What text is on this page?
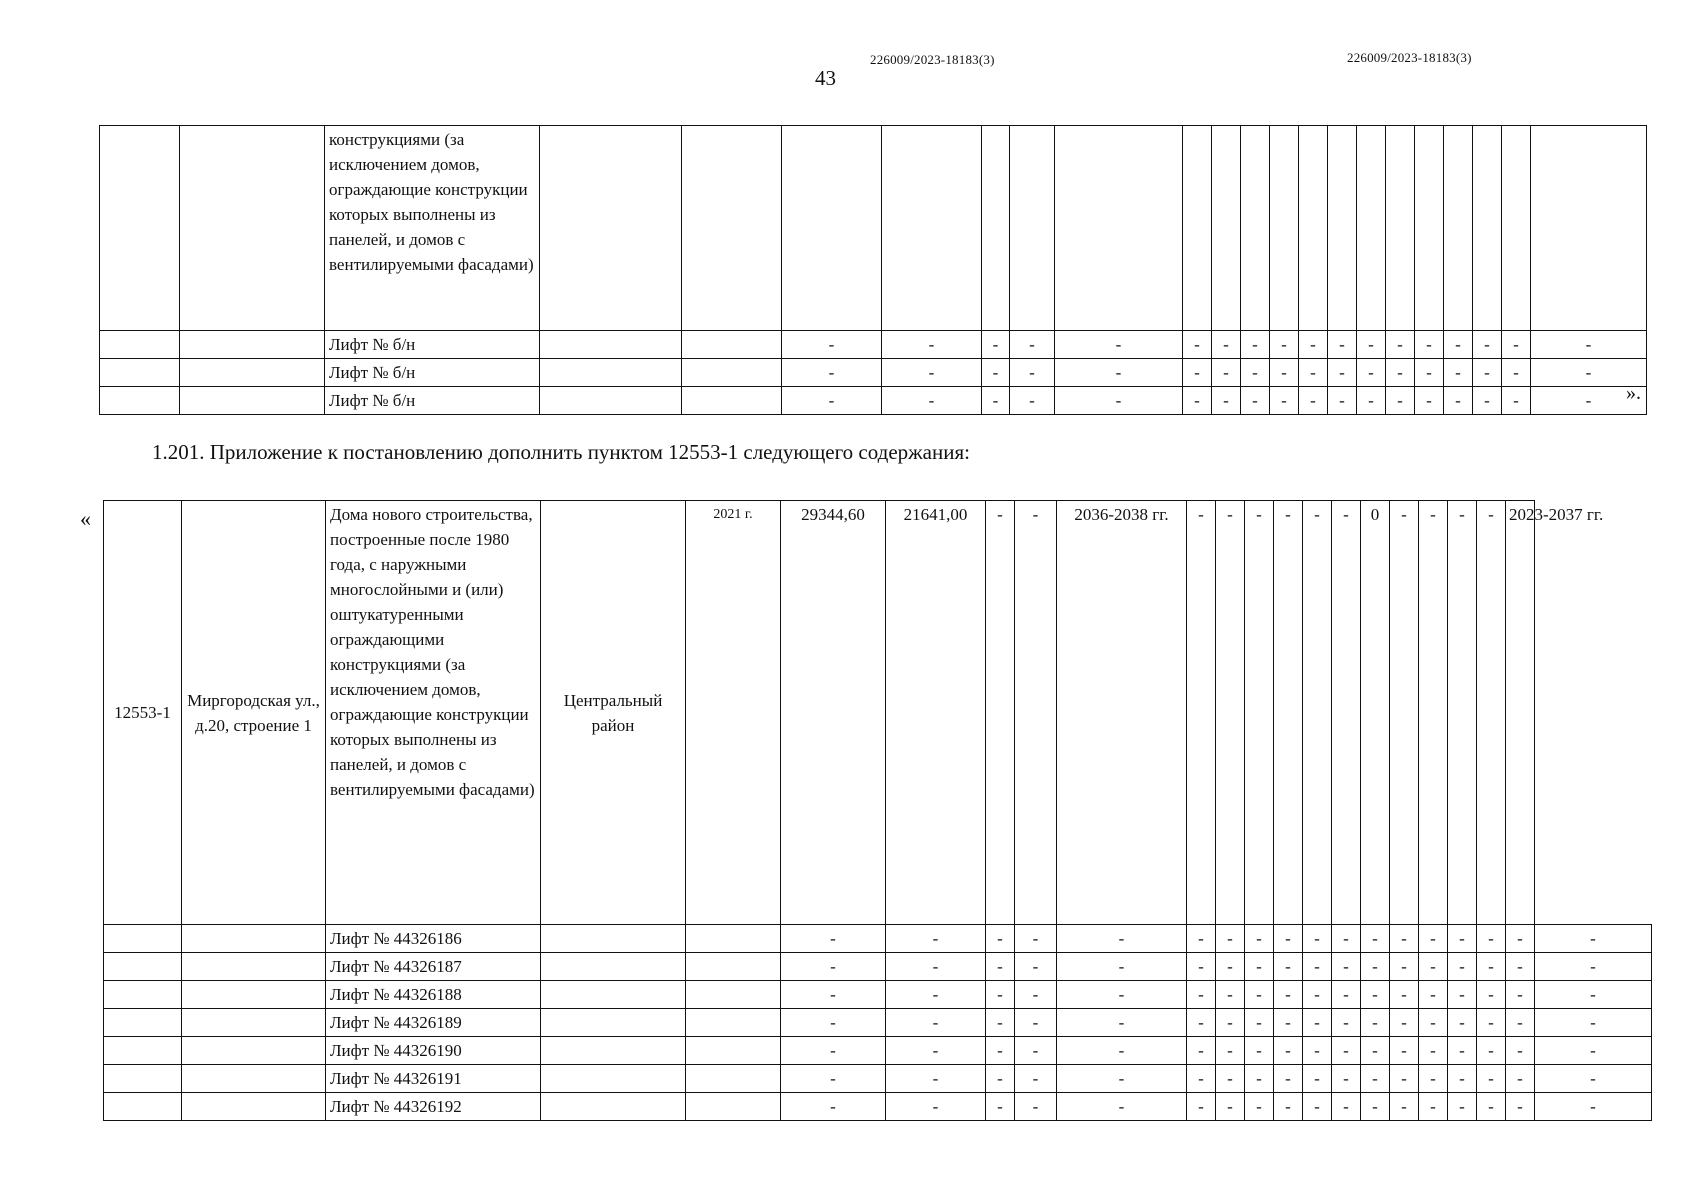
226009/2023-18183(3)	226009/2023-18183(3)
43
		конструкциями (за исключением домов, ограждающие конструкции которых выполнены из панелей, и домов с вентилируемыми фасадами)																				
		Лифт № б/н			-	-	-	-	-	-	-	-	-	-	-	-	-	-	-	-	-	-
		Лифт № б/н			-	-	-	-	-	-	-	-	-	-	-	-	-	-	-	-	-	-
		Лифт № б/н			-	-	-	-	-	-	-	-	-	-	-	-	-	-	-	-	-	- ».
1.201. Приложение к постановлению дополнить пунктом 12553-1 следующего содержания:
«
12553-1	Миргородская ул., д.20, строение 1	Дома нового строительства, построенные после 1980 года, с наружными многослойными и (или) оштукатуренными ограждающими конструкциями (за исключением домов, ограждающие конструкции которых выполнены из панелей, и домов с вентилируемыми фасадами)	Центральный район	2021 г.	29344,60	21641,00	-	-	2036-2038 гг.	-	-	-	-	-	-	0	-	-	-	-	2023-2037 гг.	
		Лифт № 44326186			-	-	-	-	-	-	-	-	-	-	-	-	-	-	-	-	-	-
		Лифт № 44326187			-	-	-	-	-	-	-	-	-	-	-	-	-	-	-	-	-	-
		Лифт № 44326188			-	-	-	-	-	-	-	-	-	-	-	-	-	-	-	-	-	-
		Лифт № 44326189			-	-	-	-	-	-	-	-	-	-	-	-	-	-	-	-	-	-
		Лифт № 44326190			-	-	-	-	-	-	-	-	-	-	-	-	-	-	-	-	-	-
		Лифт № 44326191			-	-	-	-	-	-	-	-	-	-	-	-	-	-	-	-	-	-
		Лифт № 44326192			-	-	-	-	-	-	-	-	-	-	-	-	-	-	-	-	-	-
